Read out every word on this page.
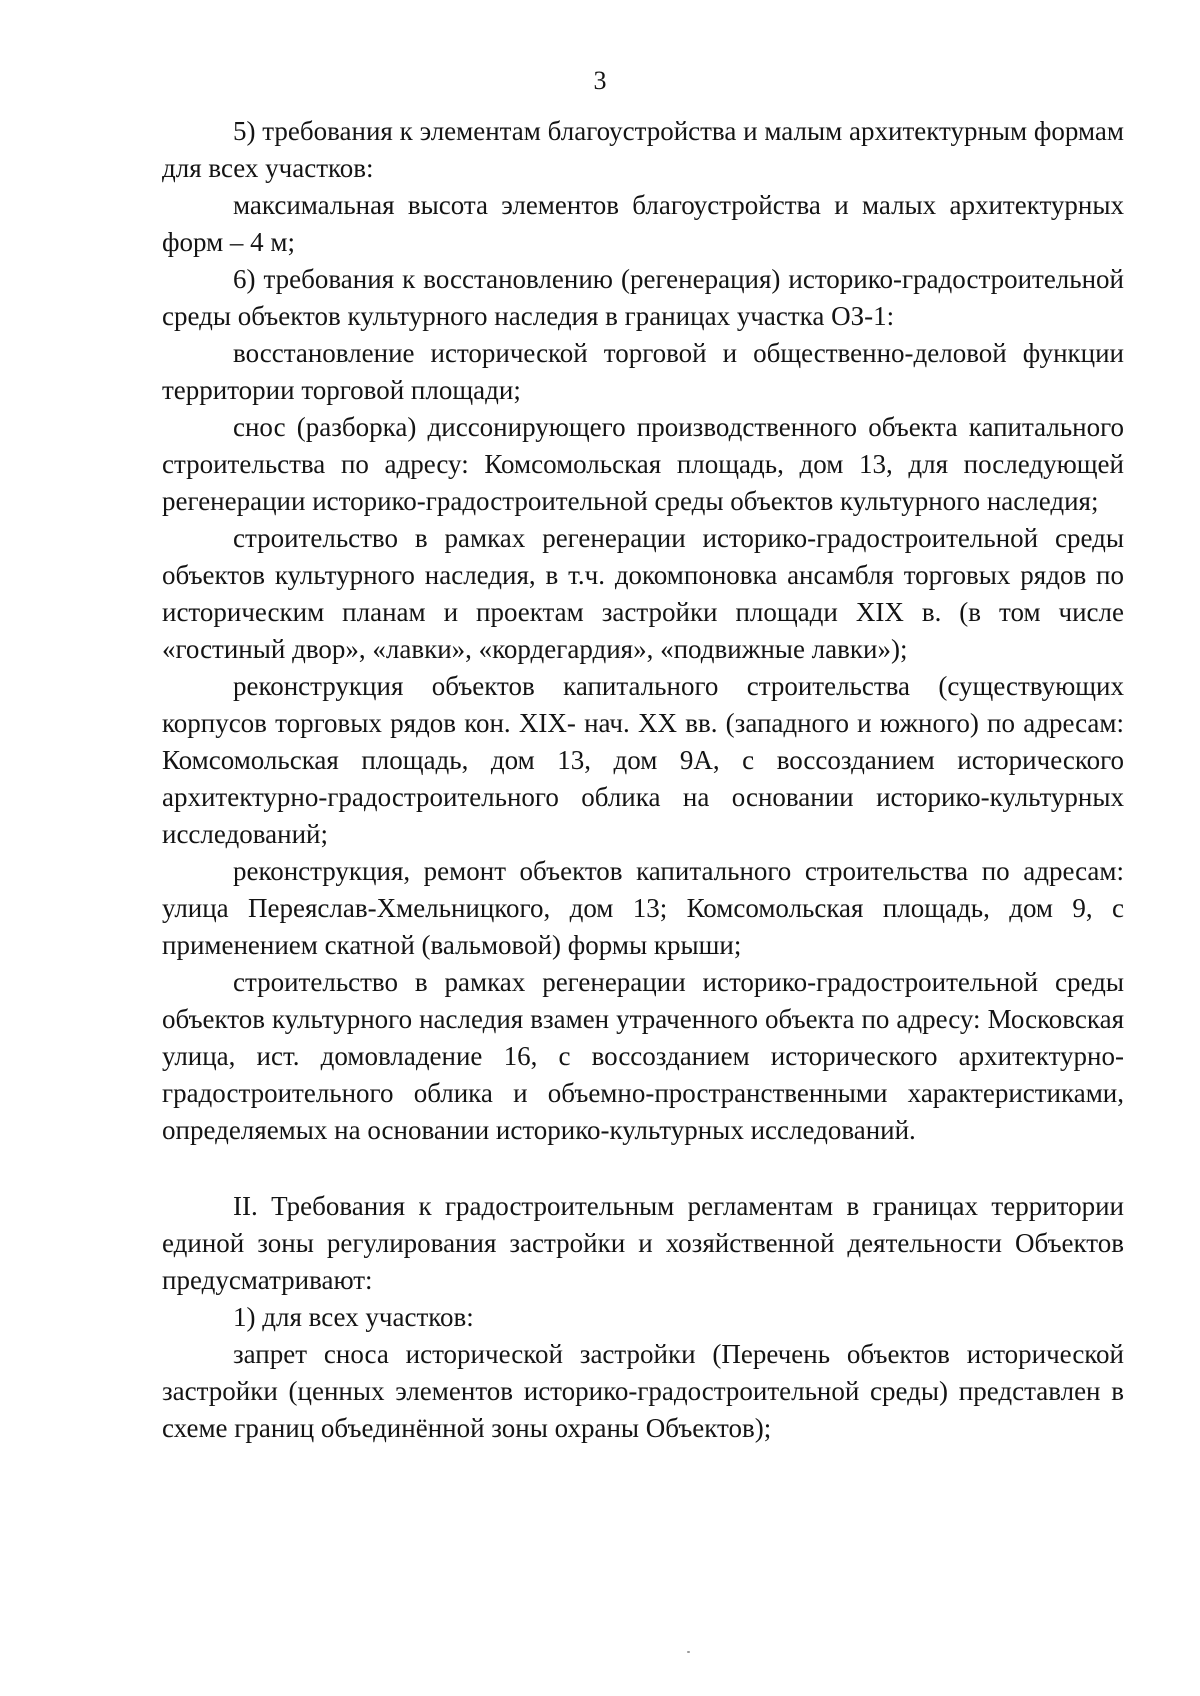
3

5) требования к элементам благоустройства и малым архитектурным формам для всех участков:

максимальная высота элементов благоустройства и малых архитектурных форм – 4 м;

6) требования к восстановлению (регенерация) историко-градостроительной среды объектов культурного наследия в границах участка ОЗ-1:

восстановление исторической торговой и общественно-деловой функции территории торговой площади;

снос (разборка) диссонирующего производственного объекта капитального строительства по адресу: Комсомольская площадь, дом 13, для последующей регенерации историко-градостроительной среды объектов культурного наследия;

строительство в рамках регенерации историко-градостроительной среды объектов культурного наследия, в т.ч. докомпоновка ансамбля торговых рядов по историческим планам и проектам застройки площади XIX в. (в том числе «гостиный двор», «лавки», «кордегардия», «подвижные лавки»);

реконструкция объектов капитального строительства (существующих корпусов торговых рядов кон. XIX- нач. XX вв. (западного и южного) по адресам: Комсомольская площадь, дом 13, дом 9А, с воссозданием исторического архитектурно-градостроительного облика на основании историко-культурных исследований;

реконструкция, ремонт объектов капитального строительства по адресам: улица Переяслав-Хмельницкого, дом 13; Комсомольская площадь, дом 9, с применением скатной (вальмовой) формы крыши;

строительство в рамках регенерации историко-градостроительной среды объектов культурного наследия взамен утраченного объекта по адресу: Московская улица, ист. домовладение 16, с воссозданием исторического архитектурно-градостроительного облика и объемно-пространственными характеристиками, определяемых на основании историко-культурных исследований.

II. Требования к градостроительным регламентам в границах территории единой зоны регулирования застройки и хозяйственной деятельности Объектов предусматривают:

1) для всех участков:

запрет сноса исторической застройки (Перечень объектов исторической застройки (ценных элементов историко-градостроительной среды) представлен в схеме границ объединённой зоны охраны Объектов);
